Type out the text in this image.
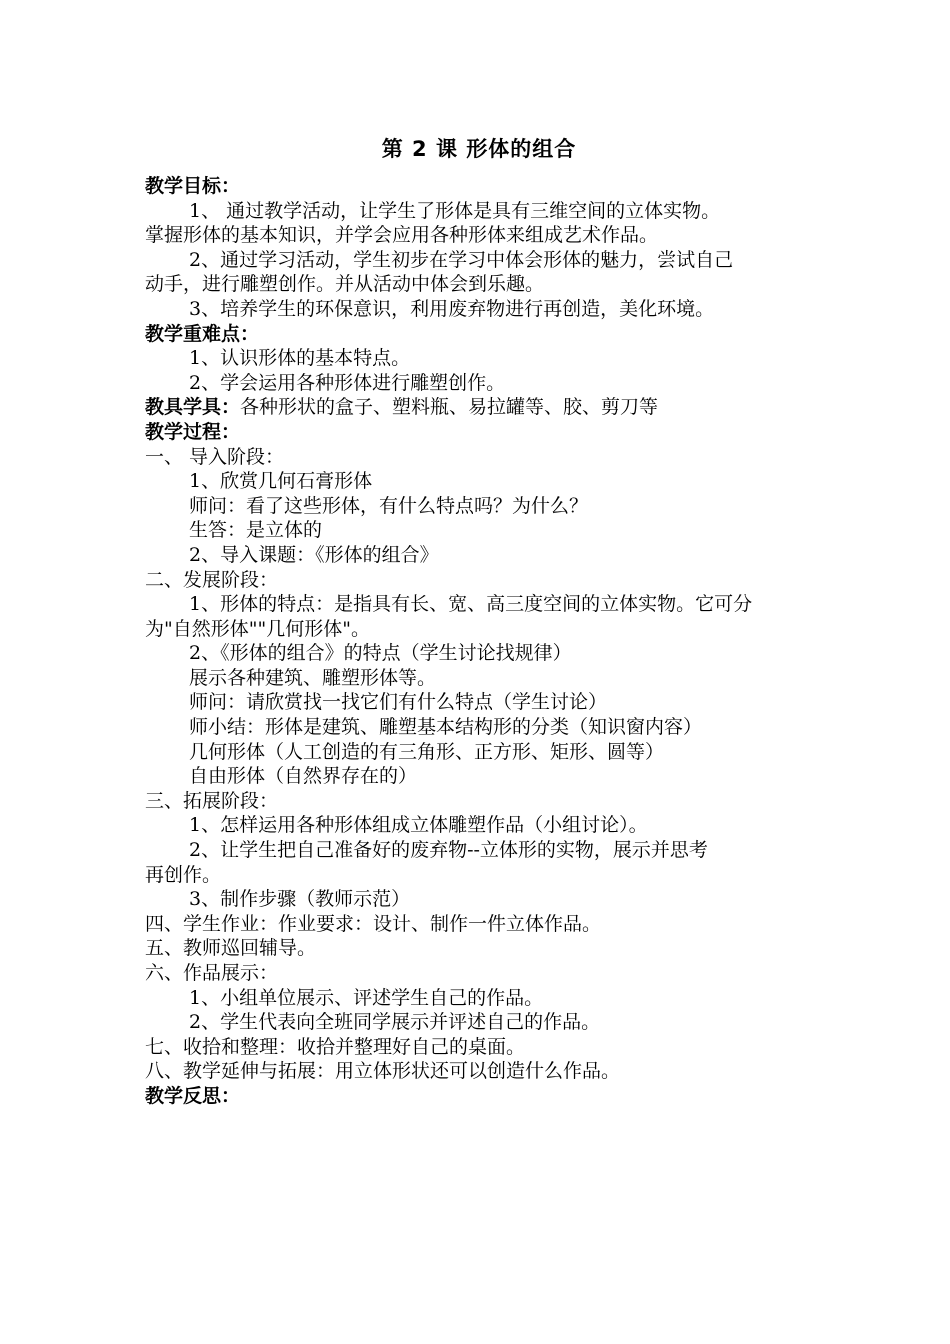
第 2 课 形体的组合
教学目标：
1、 通过教学活动，让学生了形体是具有三维空间的立体实物。
掌握形体的基本知识，并学会应用各种形体来组成艺术作品。
2、通过学习活动，学生初步在学习中体会形体的魅力，尝试自己
动手，进行雕塑创作。并从活动中体会到乐趣。
3、培养学生的环保意识，利用废弃物进行再创造，美化环境。
教学重难点：
1、认识形体的基本特点。
2、学会运用各种形体进行雕塑创作。
教具学具：各种形状的盒子、塑料瓶、易拉罐等、胶、剪刀等
教学过程：
一、 导入阶段：
1、欣赏几何石膏形体
师问：看了这些形体，有什么特点吗？为什么？
生答：是立体的
2、导入课题：《形体的组合》
二、发展阶段：
1、形体的特点：是指具有长、宽、高三度空间的立体实物。它可分
为"自然形体""几何形体"。
2、《形体的组合》的特点（学生讨论找规律）
展示各种建筑、雕塑形体等。
师问：请欣赏找一找它们有什么特点（学生讨论）
师小结：形体是建筑、雕塑基本结构形的分类（知识窗内容）
几何形体（人工创造的有三角形、正方形、矩形、圆等）
自由形体（自然界存在的）
三、拓展阶段：
1、怎样运用各种形体组成立体雕塑作品（小组讨论）。
2、让学生把自己准备好的废弃物--立体形的实物，展示并思考
再创作。
3、制作步骤（教师示范）
四、学生作业：作业要求：设计、制作一件立体作品。
五、教师巡回辅导。
六、作品展示：
1、小组单位展示、评述学生自己的作品。
2、学生代表向全班同学展示并评述自己的作品。
七、收拾和整理：收拾并整理好自己的桌面。
八、教学延伸与拓展：用立体形状还可以创造什么作品。
教学反思：
